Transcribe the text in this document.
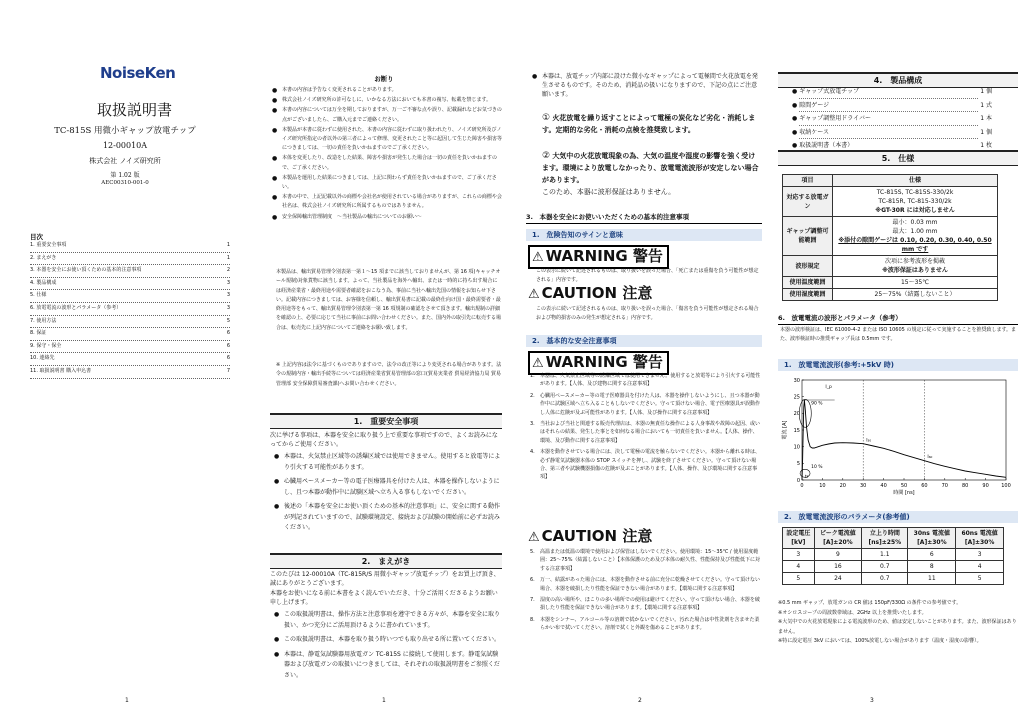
NoiseKen
取扱説明書
TC-815S 用微小ギャップ放電チップ
12-00010A
株式会社 ノイズ研究所
第 1.02 版
AEC00310-001-0
目次
1. 重要安全事項	1
2. まえがき	1
3. 本器を安全にお使い頂くための基本的注意事項	2
4. 製品構成	3
5. 仕様	3
6. 放電電流の波形とパラメータ（参考）	3
7. 使用方法	5
8. 保証	6
9. 保守・保全	6
10. 連絡先	6
11. 取扱説明書 購入申込書	7
1
お断り
● 本書の内容は予告なく変更されることがあります。
● 株式会社ノイズ研究所の許可なしに、いかなる方法においても本書の複写、転載を禁じます。
● 本書の内容については万全を期しておりますが、万一ご不審な点や誤り、記載漏れなどお気づきの点がございましたら、ご購入元までご連絡ください。
● 本製品が本書に従わずに使用された、本書の内容に従わずに取り扱われたり、ノイズ研究所及びノイズ研究所指定の者以外の第三者によって修理、変更されたこと等に起因して生じた障害や損害等につきましては、一切の責任を負いかねますのでご了承ください。
● 本体を変更したり、改造をした結果、障害や損害が発生した場合は一切の責任を負いかねますので、ご了承ください。
● 本製品を運用した結果につきましては、上記に関わらず責任を負いかねますので、ご了承ください。
● 本書の中で、上記記載以外の商標や会社名が使用されている場合がありますが、これらの商標や会社名は、株式会社ノイズ研究所に所属するものではありません。
● 安全保障輸出管理制度　〜当社製品の輸出についてのお願い〜
本製品は、輸出貿易管理令別表第一第１〜15 項までに該当しておりませんが、第 16 項(キャッチオール規制)対象貨物に該当します。よって、当社製品を海外へ輸出、または一時的に持ち出す場合には経済産業省・最終用途や需要者確認をおこなう為、事前に当社へ輸出先国の情報をお知らせ下さい。記載内容につきましては、お客様を信頼し、輸出貿易書に記載の最終仕向け国・最終需要者・最終用途等をもって、輸出貿易管理令別表第一第 16 項規制の確認をさせて頂きます。輸出規制の詳細を確認の上、必要に応じて当社に事前にお問い合わせください。また、国内外の取引先に転売する場合は、転売先に上記内容についてご連絡をお願い致します。
※ 上記内容は法令に基づくものでありますので、法令の改正等により変更される場合があります。法令の規制内容・輸出手続等については経済産業省貿易管理部の窓口(貿易実業者 貿易経済協力局 貿易管理部 安全保障貿易審査課)へお問い合わせください。
1.　重要安全事項
次に挙げる事項は、本器を安全に取り扱う上で重要な事項ですので、よくお読みになってからご使用ください。
● 本器は、火気禁止区域等の誘爆区域では使用できません。使用すると放電等により引火する可能性があります。
● 心臓用ペースメーカー等の電子医療器具を付けた人は、本器を操作しないようにし、且つ本器が動作中に試験区域へ立ち入る事もしないでください。
● 後述の「本器を安全にお使い頂くための基本的注意事項」に、安全に関する動作が列記されていますので、試験環境設定、接続および試験の開始前に必ずお読みください。
2.　まえがき
このたびは 12-00010A（TC-815R/S 用微小ギャップ放電チップ）をお買上げ頂き、誠にありがとうございます。
本器をお使いになる前に本書をよく読んでいただき、十分ご活用くださるようお願い申し上げます。
● この取扱説明書は、操作方法と注意事項を遵守できる方々が、本器を安全に取り扱い、かつ充分にご活用頂けるように書かれています。
● この取扱説明書は、本器を取り扱う時いつでも取り出せる所に置いてください。
● 本器は、静電気試験器用放電ガン TC-815S に接続して使用します。静電気試験器および放電ガンの取扱いにつきましては、それぞれの取扱説明書をご参照ください。
1
● 本器は、放電チップ内部に設けた微小なギャップによって電極間で火花放電を発生させるものです。そのため、消耗品の扱いになりますので、下記の点にご注意願います。
① 火花放電を繰り返すことによって電極の炭化など劣化・消耗します。定期的な劣化・消耗の点検を推奨致します。
② 大気中の火花放電現象の為、大気の温度や湿度の影響を強く受けます。環境により放電しなかったり、放電電流波形が安定しない場合があります。
このため、本器に波形保証はありません。
3.　本器を安全にお使いいただくための基本的注意事項
1.　危険告知のサインと意味
⚠ WARNING 警告
この表示に続いて記述されるものは、取り扱いを誤った場合、「死亡または重傷を負う可能性が想定される」内容です。
⚠ CAUTION 注意
この表示に続いて記述されるものは、取り扱いを誤った場合、「傷害を負う可能性が想定される場合および物的損害のみの発生が想定される」内容です。
2.　基本的な安全注意事項
⚠ WARNING 警告
1. 本器は、火気禁止区域等の誘爆区域では使用できません。使用すると放電等により引火する可能性があります。【人体、及び建物に関する注意事項】
2. 心臓用ペースメーカー等の電子医療器具を付けた人は、本器を操作しないようにし、且つ本器が動作中に試験区域へ立ち入ることもしないでください。守って頂けない場合、電子医療器具が誤動作し人体に危険が及ぶ可能性があります。【人体、及び操作に関する注意事項】
3. 当社および当社と関連する販売代理店は、本器の無責任な操作による人身事故や故障の起因、或いはそれらの結果、発生した事とを如何なる場合においても一切責任を負いません。【人体、操作、環境、及び動作に関する注意事項】
4. 本器を動作させている場合には、決して電極の電流を触らないでください。本器から離れる時は、必ず静電気試験器本体の STOP スイッチを押し、試験を終了させてください。守って頂けない場合、第三者や試験機器損傷の危険が及ぶことがあります。【人体、操作、及び環境に関する注意事項】
⚠ CAUTION 注意
5. 高温または低温の環境で使用および保管はしないでください。使用環境：15〜35℃ / 使用湿度範囲：25〜75%（結露しないこと）【本体保護のため及び本体の耐久性、性能保持及び性能低下に対する注意事項】
6. 万一、結露があった場合には、本器を動作させる前に充分に乾燥させてください。守って頂けない場合、本器を破損したり性能を保証できない場合があります。【環境に関する注意事項】
7. 湿度の高い場所や、ほこりの多い場所での使用は避けてください。守って頂けない場合、本器を破損したり性能を保証できない場合があります。【環境に関する注意事項】
8. 本器をシンナー、アルコール等の溶剤で拭かないでください。汚れた場合は中性洗剤を含ませた柔らかい布で拭いてください。溶剤で拭くと外観を傷めることがあります。
2
4.　製品構成
● ギャップ式放電チップ	1 個
● 隙間ゲージ	1 式
● ギャップ調整用ドライバー	1 本
● 収納ケース	1 個
● 取扱説明書（本書）	1 枚
5.　仕様
項目	仕様
対応する放電ガン	TC-815S, TC-815S-330/2k
TC-815R, TC-815-330/2k
※GT-30R には対応しません

ギャップ調整可能範囲	最小：0.03 mm
最大：1.00 mm
※添付の隙間ゲージは 0.10, 0.20, 0.30, 0.40, 0.50 mm です

波形規定	次項に参考波形を掲載
※波形保証はありません

使用温度範囲	15〜35℃
使用湿度範囲	25〜75%（結露しないこと）
6.　放電電流の波形とパラメータ（参考）
本器の波形検証は、IEC 61000-4-2 または ISO 10605 の規定に従って実施することを推奨致します。また、波形検証時の推奨ギャップ長は 0.5mm です。
1.　放電電流波形(参考:+5kV 時)
0	10	20	30	40	50	60	70	80	90 100
0
5
10
15
20
25
30
時間 [ns]
電流 [A]
I₃₀
I₆₀
90 %
10 %
tr
I_p
2.　放電電流波形のパラメータ(参考値)
設定電圧 [kV]	ピーク電流値 [A]±20%	立上り時間 [ns]±25%	30ns 電流値 [A]±30%	60ns 電流値 [A]±30%
3	9	1.1	6	3
4	16	0.7	8	4
5	24	0.7	11	5
※0.5 mm ギャップ、放電ガンの CR 値は 150pF/330Ω の条件での参考値です。
※オシロスコープの周波数帯域は、2GHz 以上を推奨いたします。
※大気中での火花放電現象による電流波形のため、値は安定しないことがあります。また、波形保証はありません。
※特に設定電圧 3kV においては、100%放電しない場合があります（温度・湿度の影響）。
3
